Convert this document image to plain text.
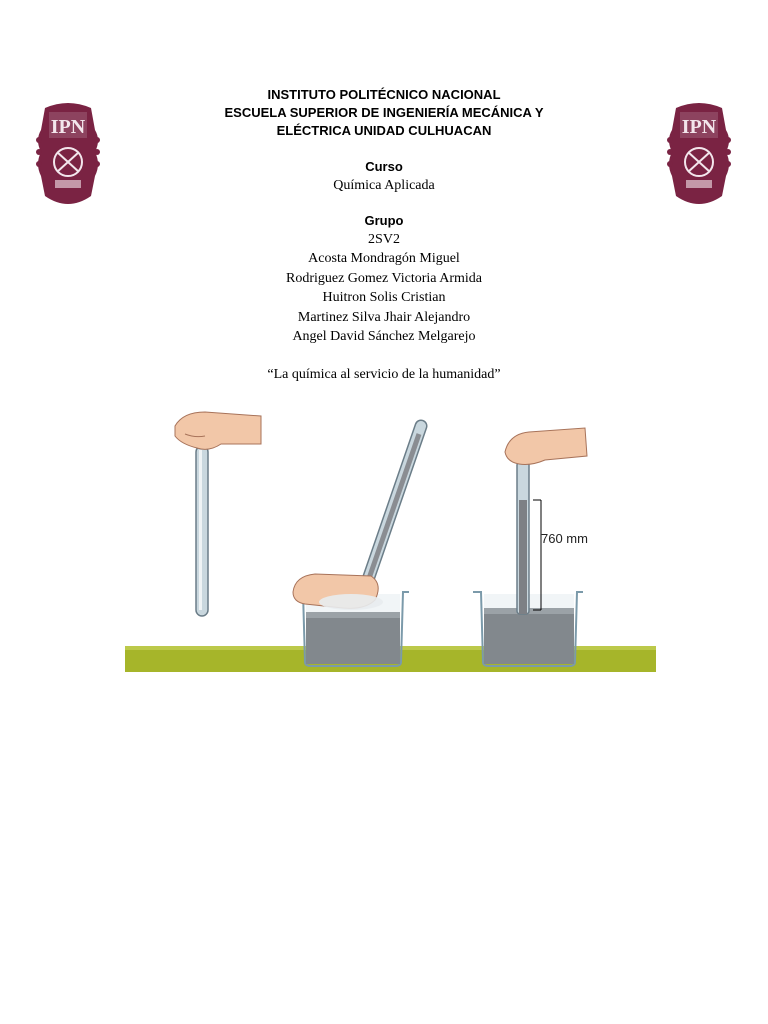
IPN	IPN

INSTITUTO POLITÉCNICO NACIONAL

ESCUELA SUPERIOR DE INGENIERÍA MECÁNICA Y

ELÉCTRICA UNIDAD CULHUACAN

Curso

Química Aplicada

Grupo

2SV2

Acosta Mondragón Miguel

Rodriguez Gomez Victoria Armida

Huitron Solis Cristian

Martinez Silva Jhair Alejandro

Angel David Sánchez Melgarejo

“La química al servicio de la humanidad”

760 mm
